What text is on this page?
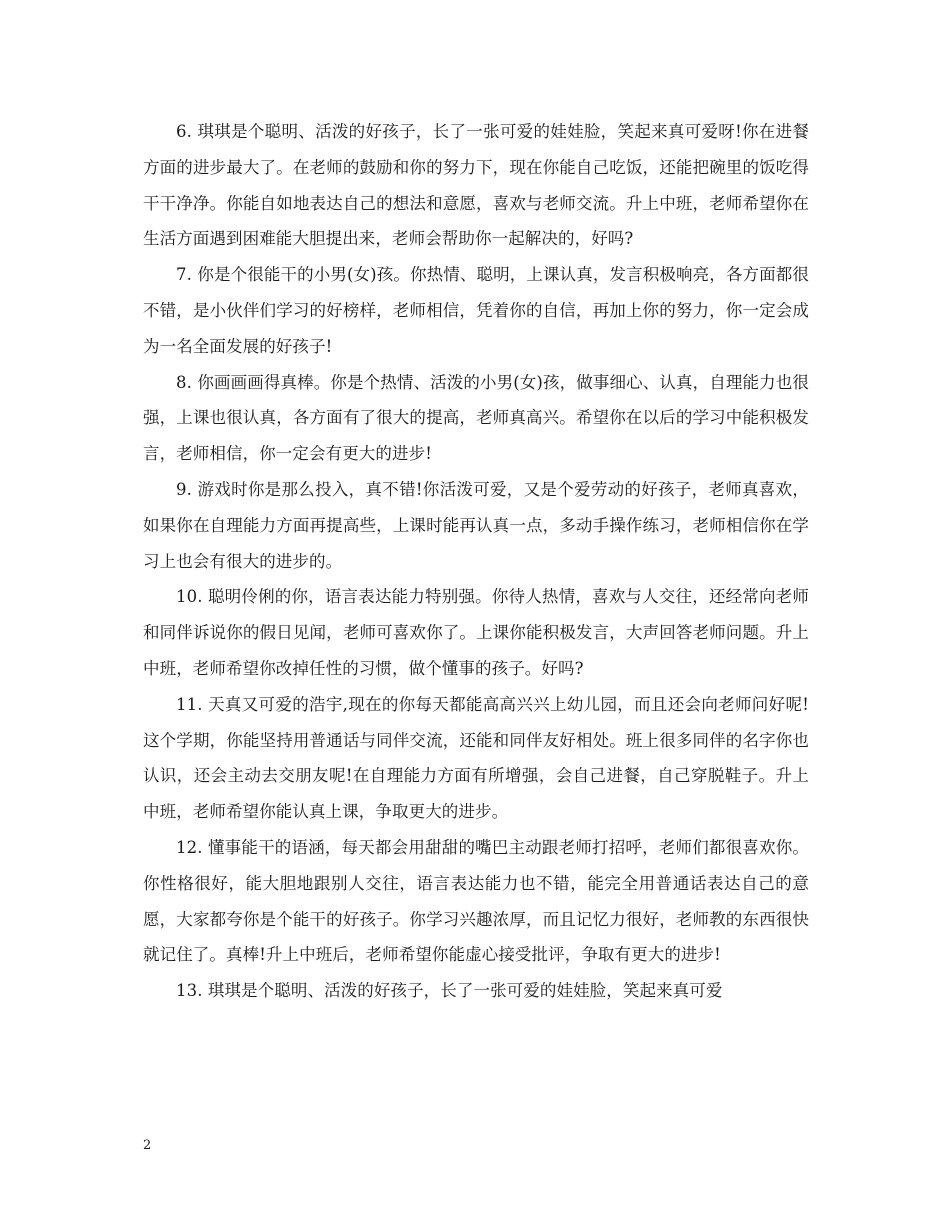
6. 琪琪是个聪明、活泼的好孩子，长了一张可爱的娃娃脸，笑起来真可爱呀!你在进餐方面的进步最大了。在老师的鼓励和你的努力下，现在你能自己吃饭，还能把碗里的饭吃得干干净净。你能自如地表达自己的想法和意愿，喜欢与老师交流。升上中班，老师希望你在生活方面遇到困难能大胆提出来，老师会帮助你一起解决的，好吗?

7. 你是个很能干的小男(女)孩。你热情、聪明，上课认真，发言积极响亮，各方面都很不错，是小伙伴们学习的好榜样，老师相信，凭着你的自信，再加上你的努力，你一定会成为一名全面发展的好孩子!

8. 你画画画得真棒。你是个热情、活泼的小男(女)孩，做事细心、认真，自理能力也很强，上课也很认真，各方面有了很大的提高，老师真高兴。希望你在以后的学习中能积极发言，老师相信，你一定会有更大的进步!

9. 游戏时你是那么投入，真不错!你活泼可爱，又是个爱劳动的好孩子，老师真喜欢，如果你在自理能力方面再提高些，上课时能再认真一点，多动手操作练习，老师相信你在学习上也会有很大的进步的。

10. 聪明伶俐的你，语言表达能力特别强。你待人热情，喜欢与人交往，还经常向老师和同伴诉说你的假日见闻，老师可喜欢你了。上课你能积极发言，大声回答老师问题。升上中班，老师希望你改掉任性的习惯，做个懂事的孩子。好吗?

11. 天真又可爱的浩宇,现在的你每天都能高高兴兴上幼儿园，而且还会向老师问好呢!这个学期，你能坚持用普通话与同伴交流，还能和同伴友好相处。班上很多同伴的名字你也认识，还会主动去交朋友呢!在自理能力方面有所增强，会自己进餐，自己穿脱鞋子。升上中班，老师希望你能认真上课，争取更大的进步。

12. 懂事能干的语涵，每天都会用甜甜的嘴巴主动跟老师打招呼，老师们都很喜欢你。你性格很好，能大胆地跟别人交往，语言表达能力也不错，能完全用普通话表达自己的意愿，大家都夸你是个能干的好孩子。你学习兴趣浓厚，而且记忆力很好，老师教的东西很快就记住了。真棒!升上中班后，老师希望你能虚心接受批评，争取有更大的进步!

13. 琪琪是个聪明、活泼的好孩子，长了一张可爱的娃娃脸，笑起来真可爱

2
